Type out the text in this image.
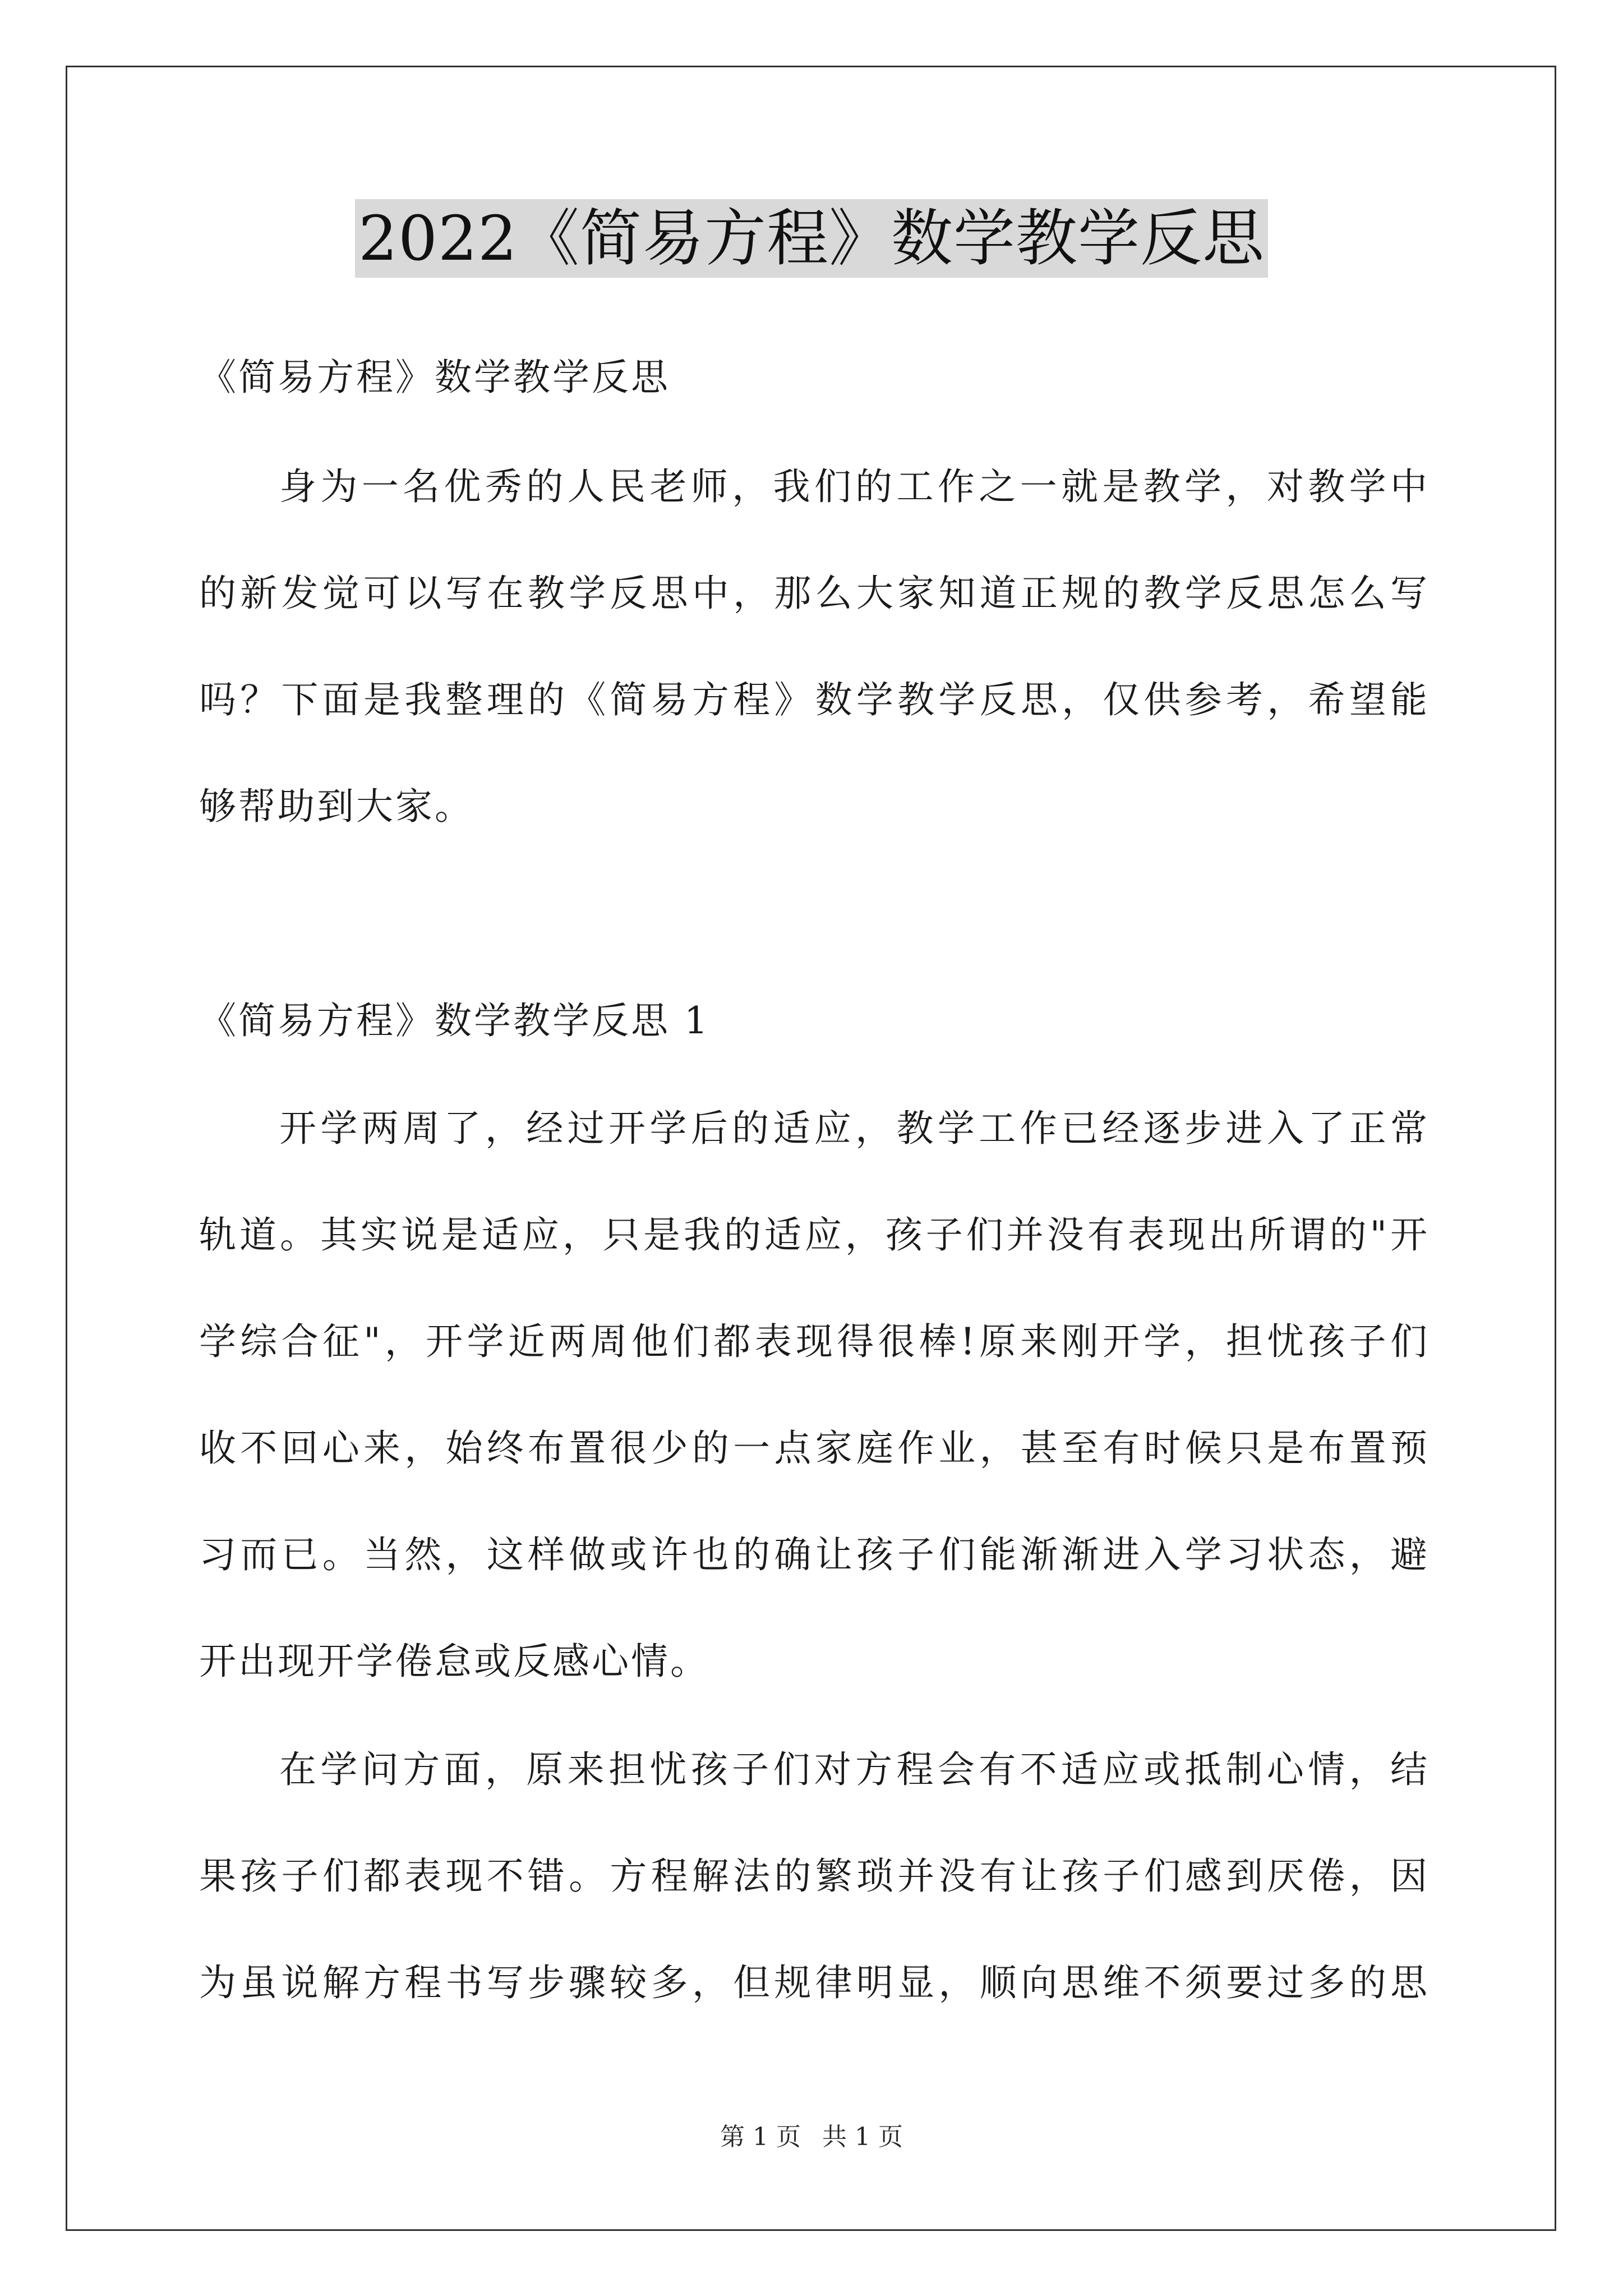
2022《简易方程》数学教学反思
《简易方程》数学教学反思
身为一名优秀的人民老师，我们的工作之一就是教学，对教学中
的新发觉可以写在教学反思中，那么大家知道正规的教学反思怎么写
吗？下面是我整理的《简易方程》数学教学反思，仅供参考，希望能
够帮助到大家。
《简易方程》数学教学反思 1
开学两周了，经过开学后的适应，教学工作已经逐步进入了正常
轨道。其实说是适应，只是我的适应，孩子们并没有表现出所谓的"开
学综合征"，开学近两周他们都表现得很棒!原来刚开学，担忧孩子们
收不回心来，始终布置很少的一点家庭作业，甚至有时候只是布置预
习而已。当然，这样做或许也的确让孩子们能渐渐进入学习状态，避
开出现开学倦怠或反感心情。
在学问方面，原来担忧孩子们对方程会有不适应或抵制心情，结
果孩子们都表现不错。方程解法的繁琐并没有让孩子们感到厌倦，因
为虽说解方程书写步骤较多，但规律明显，顺向思维不须要过多的思
第 1 页 共 1 页
